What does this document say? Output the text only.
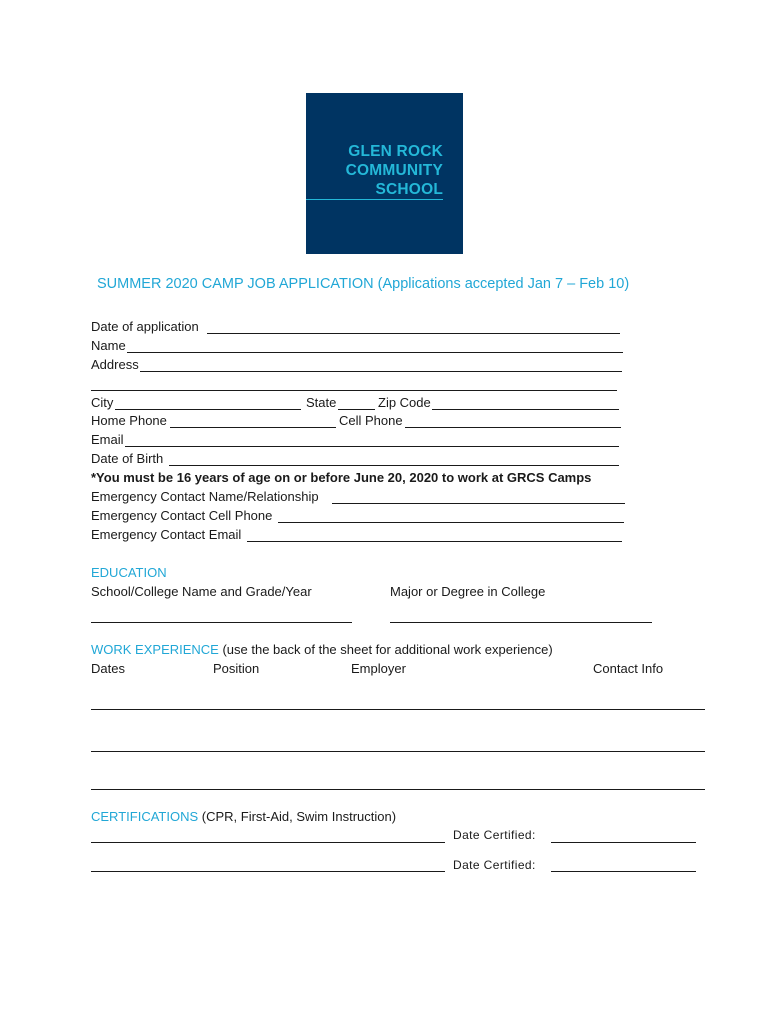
GLEN ROCK
COMMUNITY
SCHOOL
SUMMER 2020 CAMP JOB APPLICATION (Applications accepted Jan 7 – Feb 10)
Date of application
Name
Address
City	State	Zip Code
Home Phone	Cell Phone
Email
Date of Birth
*You must be 16 years of age on or before June 20, 2020 to work at GRCS Camps
Emergency Contact Name/Relationship
Emergency Contact Cell Phone
Emergency Contact Email
EDUCATION
School/College Name and Grade/Year	Major or Degree in College
WORK EXPERIENCE (use the back of the sheet for additional work experience)
Dates	Position	Employer	Contact Info
CERTIFICATIONS (CPR, First-Aid, Swim Instruction)
Date Certified:
Date Certified:
